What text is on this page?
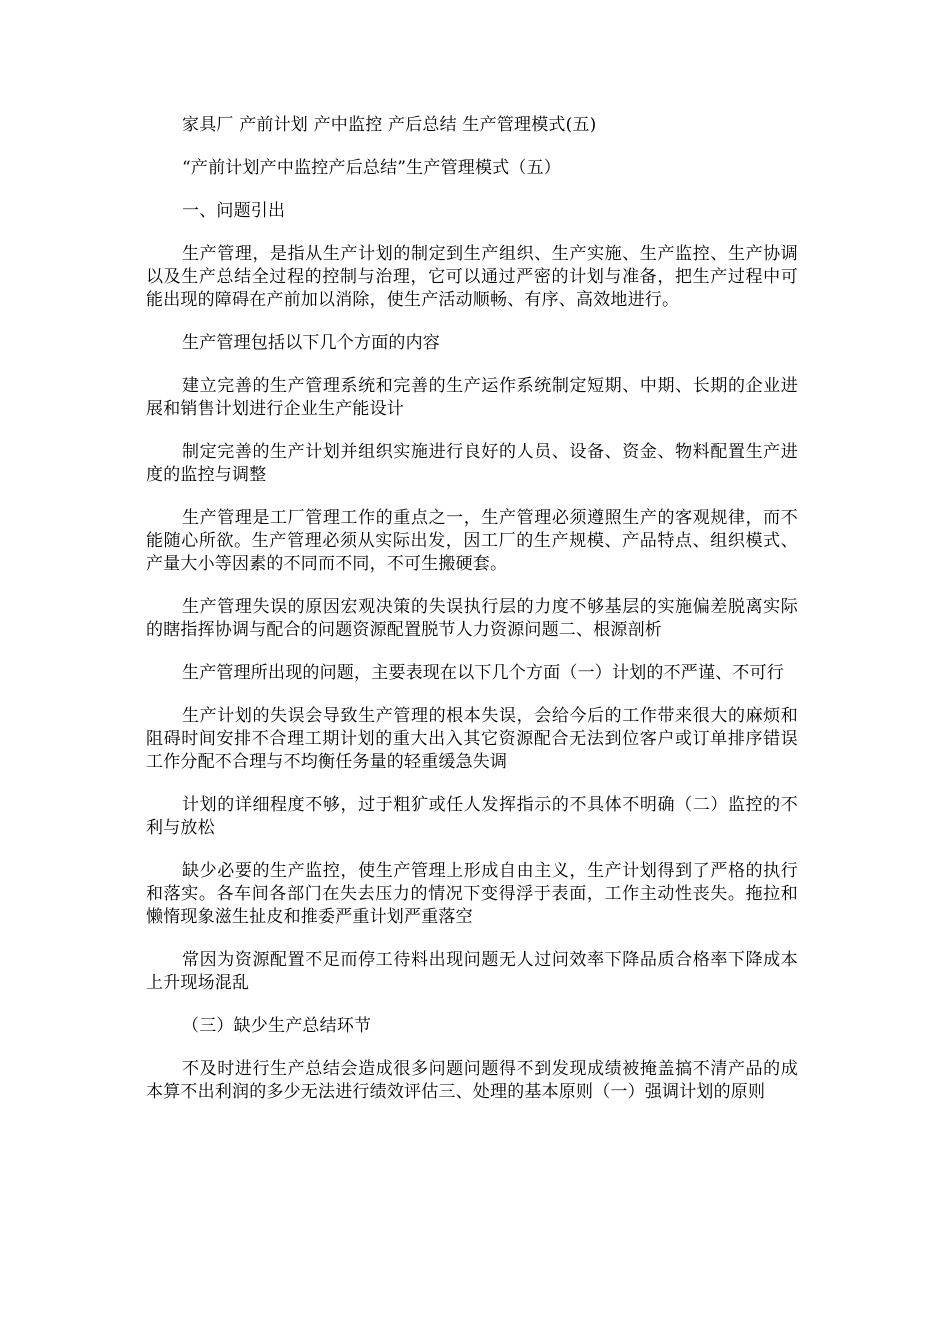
家具厂 产前计划 产中监控 产后总结 生产管理模式(五)

“产前计划产中监控产后总结”生产管理模式（五）

一、问题引出

生产管理，是指从生产计划的制定到生产组织、生产实施、生产监控、生产协调以及生产总结全过程的控制与治理，它可以通过严密的计划与准备，把生产过程中可能出现的障碍在产前加以消除，使生产活动顺畅、有序、高效地进行。

生产管理包括以下几个方面的内容

建立完善的生产管理系统和完善的生产运作系统制定短期、中期、长期的企业进展和销售计划进行企业生产能设计

制定完善的生产计划并组织实施进行良好的人员、设备、资金、物料配置生产进度的监控与调整

生产管理是工厂管理工作的重点之一，生产管理必须遵照生产的客观规律，而不能随心所欲。生产管理必须从实际出发，因工厂的生产规模、产品特点、组织模式、产量大小等因素的不同而不同，不可生搬硬套。

生产管理失误的原因宏观决策的失误执行层的力度不够基层的实施偏差脱离实际的瞎指挥协调与配合的问题资源配置脱节人力资源问题二、根源剖析

生产管理所出现的问题，主要表现在以下几个方面（一）计划的不严谨、不可行

生产计划的失误会导致生产管理的根本失误，会给今后的工作带来很大的麻烦和阻碍时间安排不合理工期计划的重大出入其它资源配合无法到位客户或订单排序错误工作分配不合理与不均衡任务量的轻重缓急失调

计划的详细程度不够，过于粗犷或任人发挥指示的不具体不明确（二）监控的不利与放松

缺少必要的生产监控，使生产管理上形成自由主义，生产计划得到了严格的执行和落实。各车间各部门在失去压力的情况下变得浮于表面，工作主动性丧失。拖拉和懒惰现象滋生扯皮和推委严重计划严重落空

常因为资源配置不足而停工待料出现问题无人过问效率下降品质合格率下降成本上升现场混乱

（三）缺少生产总结环节

不及时进行生产总结会造成很多问题问题得不到发现成绩被掩盖搞不清产品的成本算不出利润的多少无法进行绩效评估三、处理的基本原则（一）强调计划的原则
